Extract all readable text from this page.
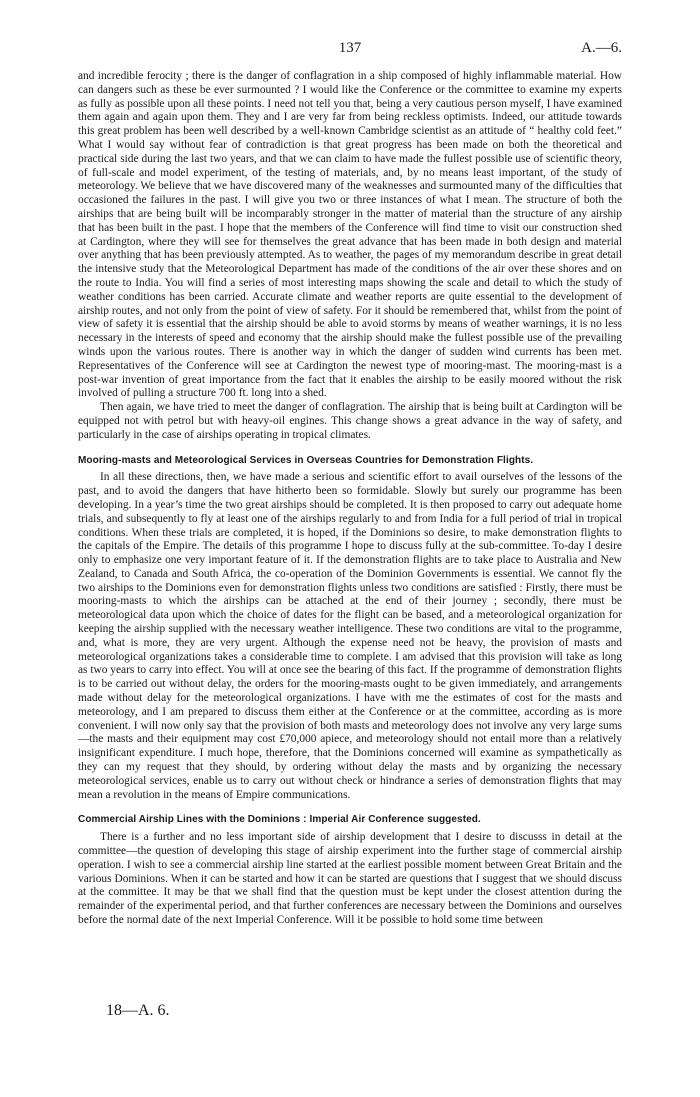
137	A.—6.

and incredible ferocity ; there is the danger of conflagration in a ship composed of highly inflammable material. How can dangers such as these be ever surmounted ? I would like the Conference or the committee to examine my experts as fully as possible upon all these points. I need not tell you that, being a very cautious person myself, I have examined them again and again upon them. They and I are very far from being reckless optimists. Indeed, our attitude towards this great problem has been well described by a well-known Cambridge scientist as an attitude of “ healthy cold feet.” What I would say without fear of contradiction is that great progress has been made on both the theoretical and practical side during the last two years, and that we can claim to have made the fullest possible use of scientific theory, of full-scale and model experiment, of the testing of materials, and, by no means least important, of the study of meteorology. We believe that we have discovered many of the weaknesses and surmounted many of the difficulties that occasioned the failures in the past. I will give you two or three instances of what I mean. The structure of both the airships that are being built will be incomparably stronger in the matter of material than the structure of any airship that has been built in the past. I hope that the members of the Conference will find time to visit our construction shed at Cardington, where they will see for themselves the great advance that has been made in both design and material over anything that has been previously attempted. As to weather, the pages of my memorandum describe in great detail the intensive study that the Meteorological Department has made of the conditions of the air over these shores and on the route to India. You will find a series of most interesting maps showing the scale and detail to which the study of weather conditions has been carried. Accurate climate and weather reports are quite essential to the development of airship routes, and not only from the point of view of safety. For it should be remembered that, whilst from the point of view of safety it is essential that the airship should be able to avoid storms by means of weather warnings, it is no less necessary in the interests of speed and economy that the airship should make the fullest possible use of the prevailing winds upon the various routes. There is another way in which the danger of sudden wind currents has been met. Representatives of the Conference will see at Cardington the newest type of mooring-mast. The mooring-mast is a post-war invention of great importance from the fact that it enables the airship to be easily moored without the risk involved of pulling a structure 700 ft. long into a shed.

Then again, we have tried to meet the danger of conflagration. The airship that is being built at Cardington will be equipped not with petrol but with heavy-oil engines. This change shows a great advance in the way of safety, and particularly in the case of airships operating in tropical climates.

Mooring-masts and Meteorological Services in Overseas Countries for Demonstration Flights.

In all these directions, then, we have made a serious and scientific effort to avail ourselves of the lessons of the past, and to avoid the dangers that have hitherto been so formidable. Slowly but surely our programme has been developing. In a year’s time the two great airships should be completed. It is then proposed to carry out adequate home trials, and subsequently to fly at least one of the airships regularly to and from India for a full period of trial in tropical conditions. When these trials are completed, it is hoped, if the Dominions so desire, to make demonstration flights to the capitals of the Empire. The details of this programme I hope to discuss fully at the sub-committee. To-day I desire only to emphasize one very important feature of it. If the demonstration flights are to take place to Australia and New Zealand, to Canada and South Africa, the co-operation of the Dominion Governments is essential. We cannot fly the two airships to the Dominions even for demonstration flights unless two conditions are satisfied : Firstly, there must be mooring-masts to which the airships can be attached at the end of their journey ; secondly, there must be meteorological data upon which the choice of dates for the flight can be based, and a meteorological organization for keeping the airship supplied with the necessary weather intelligence. These two conditions are vital to the programme, and, what is more, they are very urgent. Although the expense need not be heavy, the provision of masts and meteorological organizations takes a considerable time to complete. I am advised that this provision will take as long as two years to carry into effect. You will at once see the bearing of this fact. If the programme of demonstration flights is to be carried out without delay, the orders for the mooring-masts ought to be given immediately, and arrangements made without delay for the meteorological organizations. I have with me the estimates of cost for the masts and meteorology, and I am prepared to discuss them either at the Conference or at the committee, according as is more convenient. I will now only say that the provision of both masts and meteorology does not involve any very large sums—the masts and their equipment may cost £70,000 apiece, and meteorology should not entail more than a relatively insignificant expenditure. I much hope, therefore, that the Dominions concerned will examine as sympathetically as they can my request that they should, by ordering without delay the masts and by organizing the necessary meteorological services, enable us to carry out without check or hindrance a series of demonstration flights that may mean a revolution in the means of Empire communications.

Commercial Airship Lines with the Dominions : Imperial Air Conference suggested.

There is a further and no less important side of airship development that I desire to discusss in detail at the committee—the question of developing this stage of airship experiment into the further stage of commercial airship operation. I wish to see a commercial airship line started at the earliest possible moment between Great Britain and the various Dominions. When it can be started and how it can be started are questions that I suggest that we should discuss at the committee. It may be that we shall find that the question must be kept under the closest attention during the remainder of the experimental period, and that further conferences are necessary between the Dominions and ourselves before the normal date of the next Imperial Conference. Will it be possible to hold some time between

18—A. 6.
